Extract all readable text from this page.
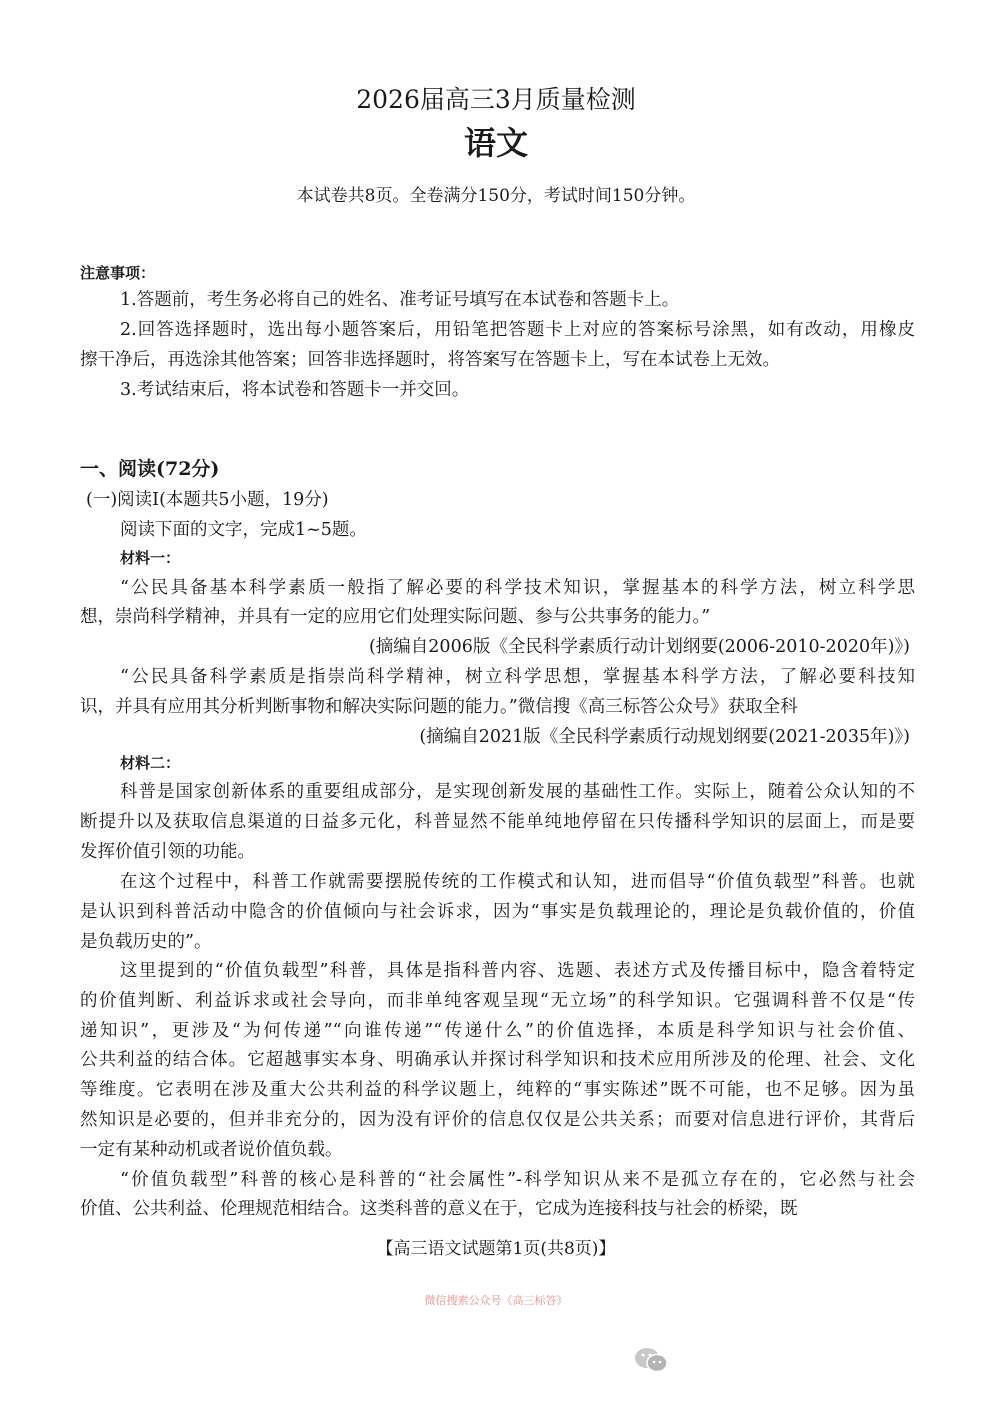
2026届高三3月质量检测
语文
本试卷共8页。全卷满分150分，考试时间150分钟。
注意事项：
1.答题前，考生务必将自己的姓名、准考证号填写在本试卷和答题卡上。
2.回答选择题时，选出每小题答案后，用铅笔把答题卡上对应的答案标号涂黑，如有改动，用橡皮
擦干净后，再选涂其他答案；回答非选择题时，将答案写在答题卡上，写在本试卷上无效。
3.考试结束后，将本试卷和答题卡一并交回。
一、阅读(72分)
(一)阅读Ⅰ(本题共5小题，19分)
阅读下面的文字，完成1~5题。
材料一：
“公民具备基本科学素质一般指了解必要的科学技术知识，掌握基本的科学方法，树立科学思
想，崇尚科学精神，并具有一定的应用它们处理实际问题、参与公共事务的能力。”
(摘编自2006版《全民科学素质行动计划纲要(2006-2010-2020年)》)
“公民具备科学素质是指崇尚科学精神，树立科学思想，掌握基本科学方法，了解必要科技知
识，并具有应用其分析判断事物和解决实际问题的能力。”微信搜《高三标答公众号》获取全科
(摘编自2021版《全民科学素质行动规划纲要(2021-2035年)》)
材料二：
科普是国家创新体系的重要组成部分，是实现创新发展的基础性工作。实际上，随着公众认知的不
断提升以及获取信息渠道的日益多元化，科普显然不能单纯地停留在只传播科学知识的层面上，而是要
发挥价值引领的功能。
在这个过程中，科普工作就需要摆脱传统的工作模式和认知，进而倡导“价值负载型”科普。也就
是认识到科普活动中隐含的价值倾向与社会诉求，因为“事实是负载理论的，理论是负载价值的，价值
是负载历史的”。
这里提到的“价值负载型”科普，具体是指科普内容、选题、表述方式及传播目标中，隐含着特定
的价值判断、利益诉求或社会导向，而非单纯客观呈现“无立场”的科学知识。它强调科普不仅是“传
递知识”，更涉及“为何传递”“向谁传递”“传递什么”的价值选择，本质是科学知识与社会价值、
公共利益的结合体。它超越事实本身、明确承认并探讨科学知识和技术应用所涉及的伦理、社会、文化
等维度。它表明在涉及重大公共利益的科学议题上，纯粹的“事实陈述”既不可能，也不足够。因为虽
然知识是必要的，但并非充分的，因为没有评价的信息仅仅是公共关系；而要对信息进行评价，其背后
一定有某种动机或者说价值负载。
“价值负载型”科普的核心是科普的“社会属性”-科学知识从来不是孤立存在的，它必然与社会
价值、公共利益、伦理规范相结合。这类科普的意义在于，它成为连接科技与社会的桥梁，既
【高三语文试题第1页(共8页)】
微信搜索公众号《高三标答》
